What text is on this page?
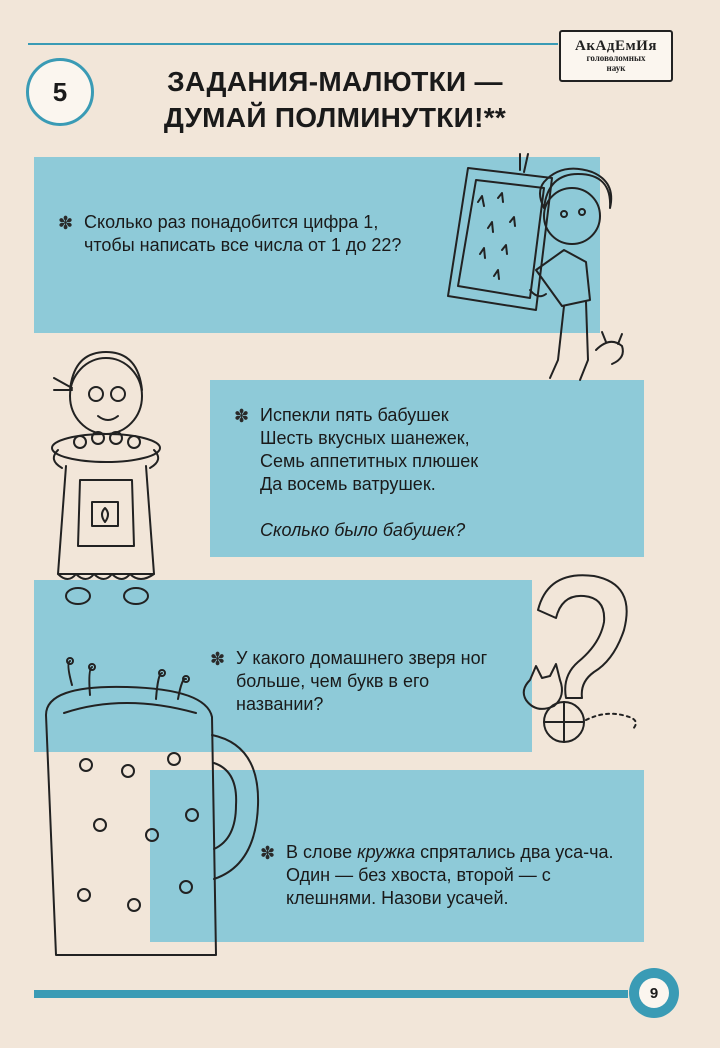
АкАдЕмИя
головоломных
наук
5	ЗАДАНИЯ-МАЛЮТКИ —
ДУМАЙ ПОЛМИНУТКИ!**
✽ Сколько раз понадобится цифра 1, чтобы написать все числа от 1 до 22?

✽ Испекли пять бабушек

Шесть вкусных шанежек,

Семь аппетитных плюшек

Да восемь ватрушек.

Сколько было бабушек?

✽ У какого домашнего зверя ног больше, чем букв в его названии?

✽ В слове кружка спрятались два уса-ча. Один — без хвоста, второй — с клешнями. Назови усачей.

9
